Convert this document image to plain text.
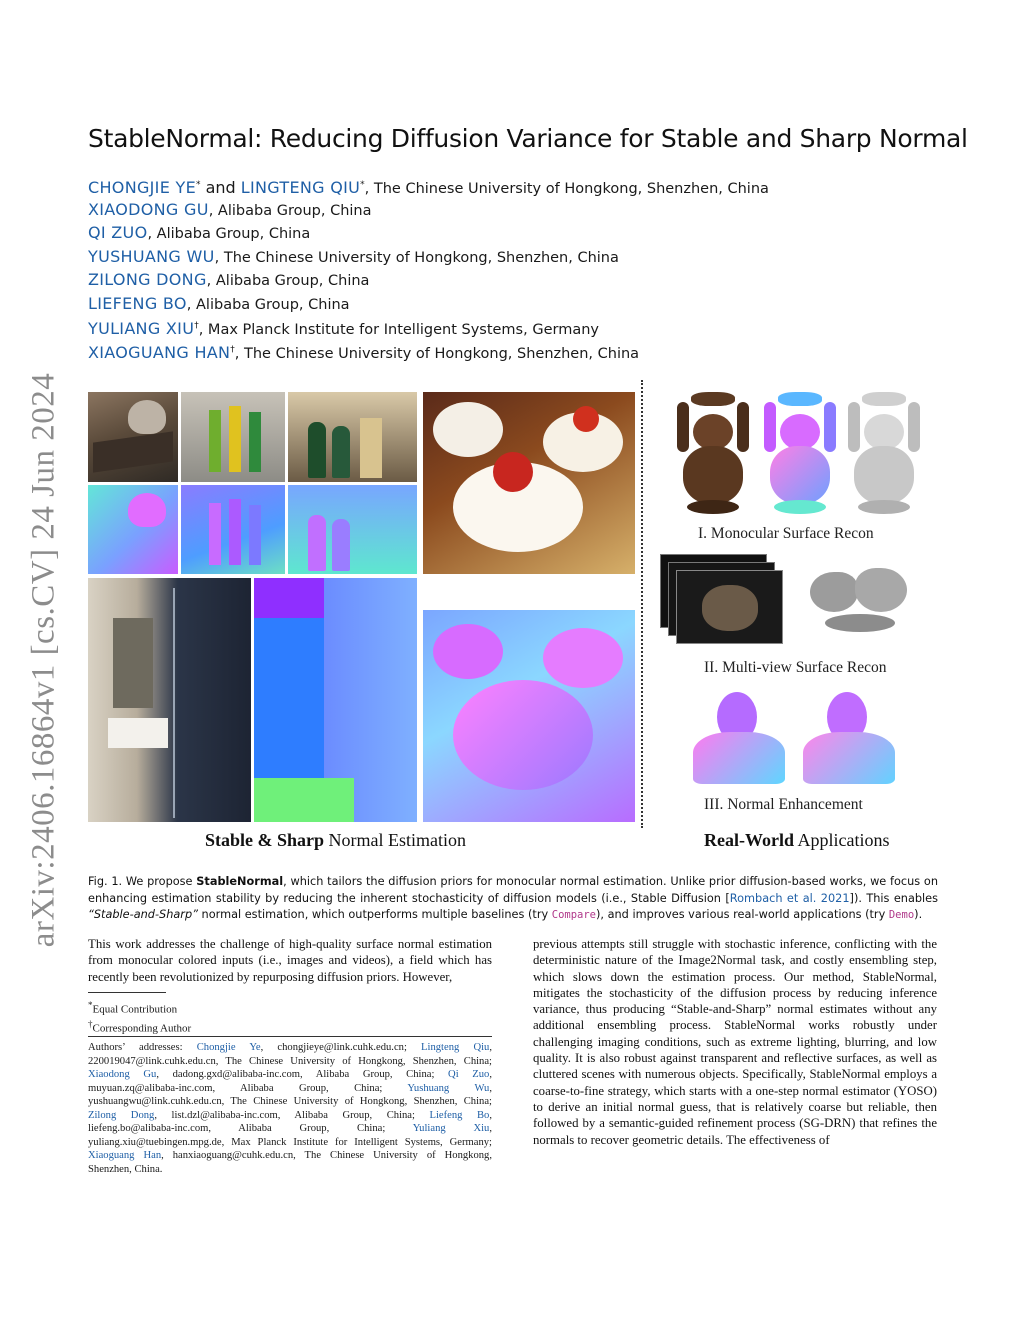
arXiv:2406.16864v1 [cs.CV] 24 Jun 2024
StableNormal: Reducing Diffusion Variance for Stable and Sharp Normal
CHONGJIE YE* and LINGTENG QIU*, The Chinese University of Hongkong, Shenzhen, China
XIAODONG GU, Alibaba Group, China
QI ZUO, Alibaba Group, China
YUSHUANG WU, The Chinese University of Hongkong, Shenzhen, China
ZILONG DONG, Alibaba Group, China
LIEFENG BO, Alibaba Group, China
YULIANG XIU†, Max Planck Institute for Intelligent Systems, Germany
XIAOGUANG HAN†, The Chinese University of Hongkong, Shenzhen, China
I. Monocular Surface Recon
II. Multi-view Surface Recon
III. Normal Enhancement
Stable & Sharp Normal Estimation	Real-World Applications
Fig. 1. We propose StableNormal, which tailors the diffusion priors for monocular normal estimation. Unlike prior diffusion-based works, we focus on enhancing estimation stability by reducing the inherent stochasticity of diffusion models (i.e., Stable Diffusion [Rombach et al. 2021]). This enables “Stable-and-Sharp” normal estimation, which outperforms multiple baselines (try Compare), and improves various real-world applications (try Demo).
This work addresses the challenge of high-quality surface normal estimation from monocular colored inputs (i.e., images and videos), a field which has recently been revolutionized by repurposing diffusion priors. However,
*Equal Contribution
†Corresponding Author
Authors’ addresses: Chongjie Ye, chongjieye@link.cuhk.edu.cn; Lingteng Qiu, 220019047@link.cuhk.edu.cn, The Chinese University of Hongkong, Shenzhen, China; Xiaodong Gu, dadong.gxd@alibaba-inc.com, Alibaba Group, China; Qi Zuo, muyuan.zq@alibaba-inc.com, Alibaba Group, China; Yushuang Wu, yushuangwu@link.cuhk.edu.cn, The Chinese University of Hongkong, Shenzhen, China; Zilong Dong, list.dzl@alibaba-inc.com, Alibaba Group, China; Liefeng Bo, liefeng.bo@alibaba-inc.com, Alibaba Group, China; Yuliang Xiu, yuliang.xiu@tuebingen.mpg.de, Max Planck Institute for Intelligent Systems, Germany; Xiaoguang Han, hanxiaoguang@cuhk.edu.cn, The Chinese University of Hongkong, Shenzhen, China.
previous attempts still struggle with stochastic inference, conflicting with the deterministic nature of the Image2Normal task, and costly ensembling step, which slows down the estimation process. Our method, StableNormal, mitigates the stochasticity of the diffusion process by reducing inference variance, thus producing “Stable-and-Sharp” normal estimates without any additional ensembling process. StableNormal works robustly under challenging imaging conditions, such as extreme lighting, blurring, and low quality. It is also robust against transparent and reflective surfaces, as well as cluttered scenes with numerous objects. Specifically, StableNormal employs a coarse-to-fine strategy, which starts with a one-step normal estimator (YOSO) to derive an initial normal guess, that is relatively coarse but reliable, then followed by a semantic-guided refinement process (SG-DRN) that refines the normals to recover geometric details. The effectiveness of
